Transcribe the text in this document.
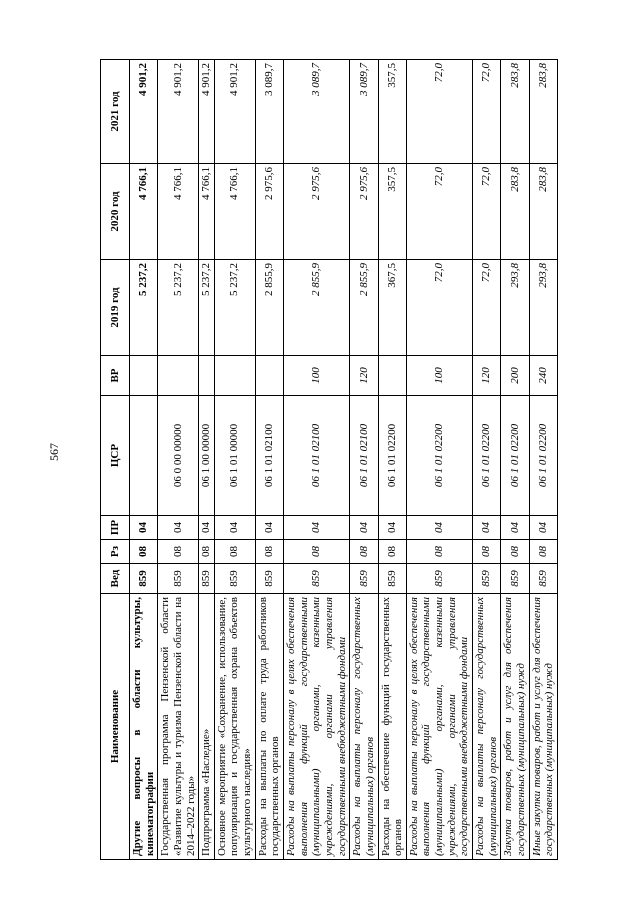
567
Наименование	Вед	Рз	ПР	ЦСР	ВР	2019 год	2020 год	2021 год
Другие вопросы в области культуры, кинематографии	859	08	04			5 237,2	4 766,1	4 901,2
Государственная программа Пензенской области «Развитие культуры и туризма Пензенской области на 2014–2022 годы»	859	08	04	06 0 00 00000		5 237,2	4 766,1	4 901,2
Подпрограмма «Наследие»	859	08	04	06 1 00 00000		5 237,2	4 766,1	4 901,2
Основное мероприятие «Сохранение, использование, популяризация и государственная охрана объектов культурного наследия»	859	08	04	06 1 01 00000		5 237,2	4 766,1	4 901,2
Расходы на выплаты по оплате труда работников государственных органов	859	08	04	06 1 01 02100		2 855,9	2 975,6	3 089,7
Расходы на выплаты персоналу в целях обеспечения выполнения функций государственными (муниципальными) органами, казенными учреждениями, органами управления государственными внебюджетными фондами	859	08	04	06 1 01 02100	100	2 855,9	2 975,6	3 089,7
Расходы на выплаты персоналу государственных (муниципальных) органов	859	08	04	06 1 01 02100	120	2 855,9	2 975,6	3 089,7
Расходы на обеспечение функций государственных органов	859	08	04	06 1 01 02200		367,5	357,5	357,5
Расходы на выплаты персоналу в целях обеспечения выполнения функций государственными (муниципальными) органами, казенными учреждениями, органами управления государственными внебюджетными фондами	859	08	04	06 1 01 02200	100	72,0	72,0	72,0
Расходы на выплаты персоналу государственных (муниципальных) органов	859	08	04	06 1 01 02200	120	72,0	72,0	72,0
Закупка товаров, работ и услуг для обеспечения государственных (муниципальных) нужд	859	08	04	06 1 01 02200	200	293,8	283,8	283,8
Иные закупки товаров, работ и услуг для обеспечения государственных (муниципальных) нужд	859	08	04	06 1 01 02200	240	293,8	283,8	283,8
